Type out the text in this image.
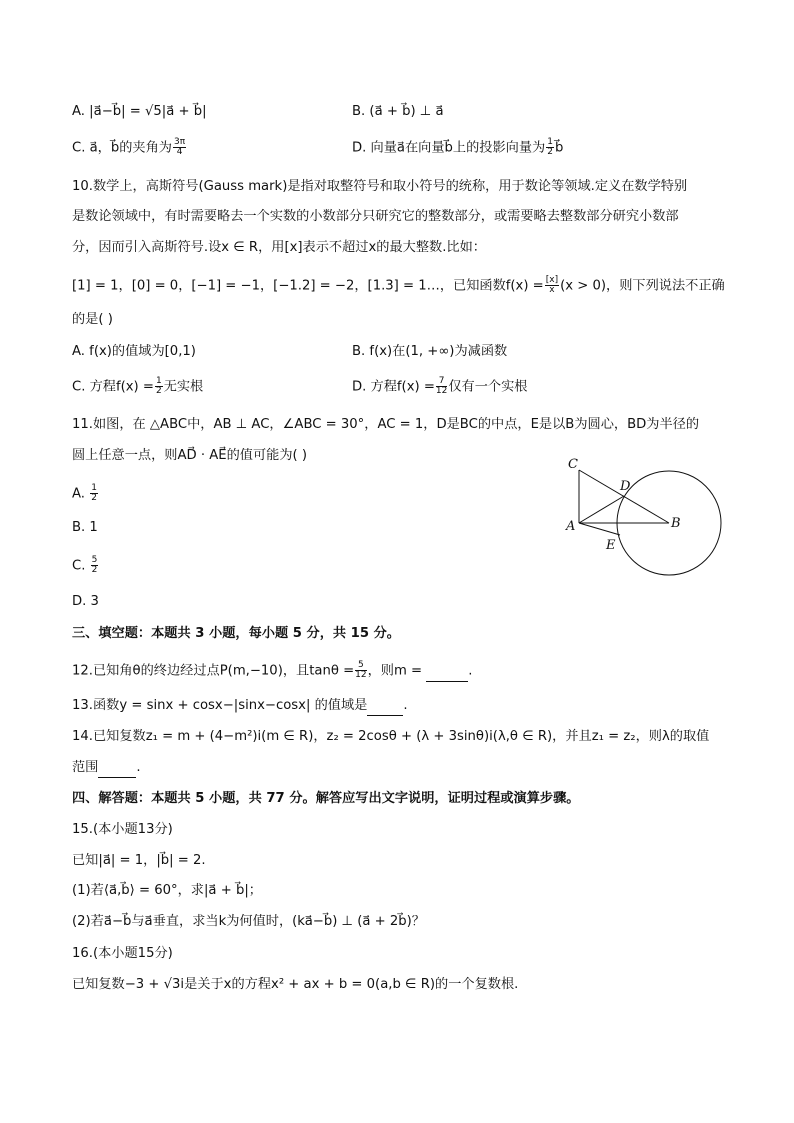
A. |a⃗−b⃗| = √5|a⃗ + b⃗|	B. (a⃗ + b⃗) ⊥ a⃗
C. a⃗，b⃗的夹角为 $\frac{3\pi}{4}$	D. 向量a⃗在向量b⃗上的投影向量为 $\frac{1}{2}$ b⃗
10.数学上，高斯符号(Gauss mark)是指对取整符号和取小符号的统称，用于数论等领域.定义在数学特别
是数论领域中，有时需要略去一个实数的小数部分只研究它的整数部分，或需要略去整数部分研究小数部
分，因而引入高斯符号.设x ∈ R，用[x]表示不超过x的最大整数.比如：
[1] = 1，[0] = 0，[−1] = −1，[−1.2] = −2，[1.3] = 1…，已知函数$f(x) = \frac{[x]}{x} (x > 0)$，则下列说法不正确
的是( )
A. f(x)的值域为[0,1)	B. f(x)在(1, +∞)为减函数
C. 方程$f(x) = \frac{1}{2}$ 无实根	D. 方程$f(x) = \frac{7}{12}$ 仅有一个实根
11.如图，在 △ABC中，AB ⊥ AC，∠ABC = 30°，AC = 1，D是BC的中点，E是以B为圆心，BD为半径的
圆上任意一点，则AD⃗ · AE⃗的值可能为( )
A. $\frac{1}{2}$
B. 1
C. $\frac{5}{2}$
D. 3
C
D
A	B
E
三、填空题：本题共 3 小题，每小题 5 分，共 15 分。
12.已知角θ的终边经过点P(m,−10)，且$\tan\theta = \frac{5}{12}$ ，则m =	.
13.函数y = sinx + cosx−|sinx−cosx| 的值域是	.
14.已知复数z₁ = m + (4−m²)i(m ∈ R)，z₂ = 2cosθ + (λ + 3sinθ)i(λ,θ ∈ R)，并且z₁ = z₂，则λ的取值
范围	.
四、解答题：本题共 5 小题，共 77 分。解答应写出文字说明，证明过程或演算步骤。
15.(本小题13分)
已知|a⃗| = 1，|b⃗| = 2.
(1)若⟨a⃗,b⃗⟩ = 60°，求|a⃗ + b⃗|；
(2)若a⃗−b⃗与a⃗垂直，求当k为何值时，(ka⃗−b⃗) ⊥ (a⃗ + 2b⃗)？
16.(本小题15分)
已知复数−3 + √3i是关于x的方程x² + ax + b = 0(a,b ∈ R)的一个复数根.
